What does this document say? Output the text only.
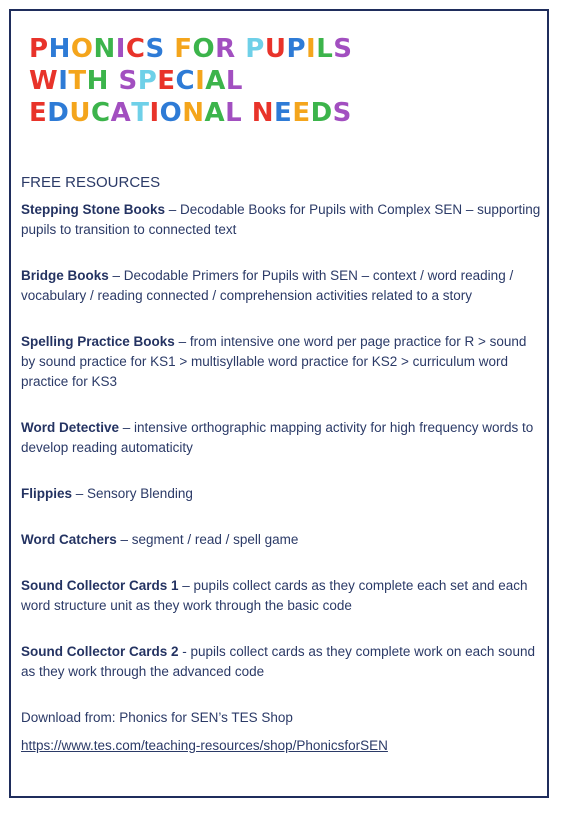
PHONICS FOR PUPILS
WITH SPECIAL
EDUCATIONAL NEEDS

FREE RESOURCES

Stepping Stone Books – Decodable Books for Pupils with Complex SEN – supporting pupils to transition to connected text

Bridge Books – Decodable Primers for Pupils with SEN – context / word reading / vocabulary / reading connected / comprehension activities related to a story

Spelling Practice Books – from intensive one word per page practice for R > sound by sound practice for KS1 > multisyllable word practice for KS2 > curriculum word practice for KS3

Word Detective – intensive orthographic mapping activity for high frequency words to develop reading automaticity

Flippies – Sensory Blending

Word Catchers – segment / read / spell game

Sound Collector Cards 1 – pupils collect cards as they complete each set and each word structure unit as they work through the basic code

Sound Collector Cards 2 - pupils collect cards as they complete work on each sound as they work through the advanced code

Download from: Phonics for SEN’s TES Shop

https://www.tes.com/teaching-resources/shop/PhonicsforSEN
